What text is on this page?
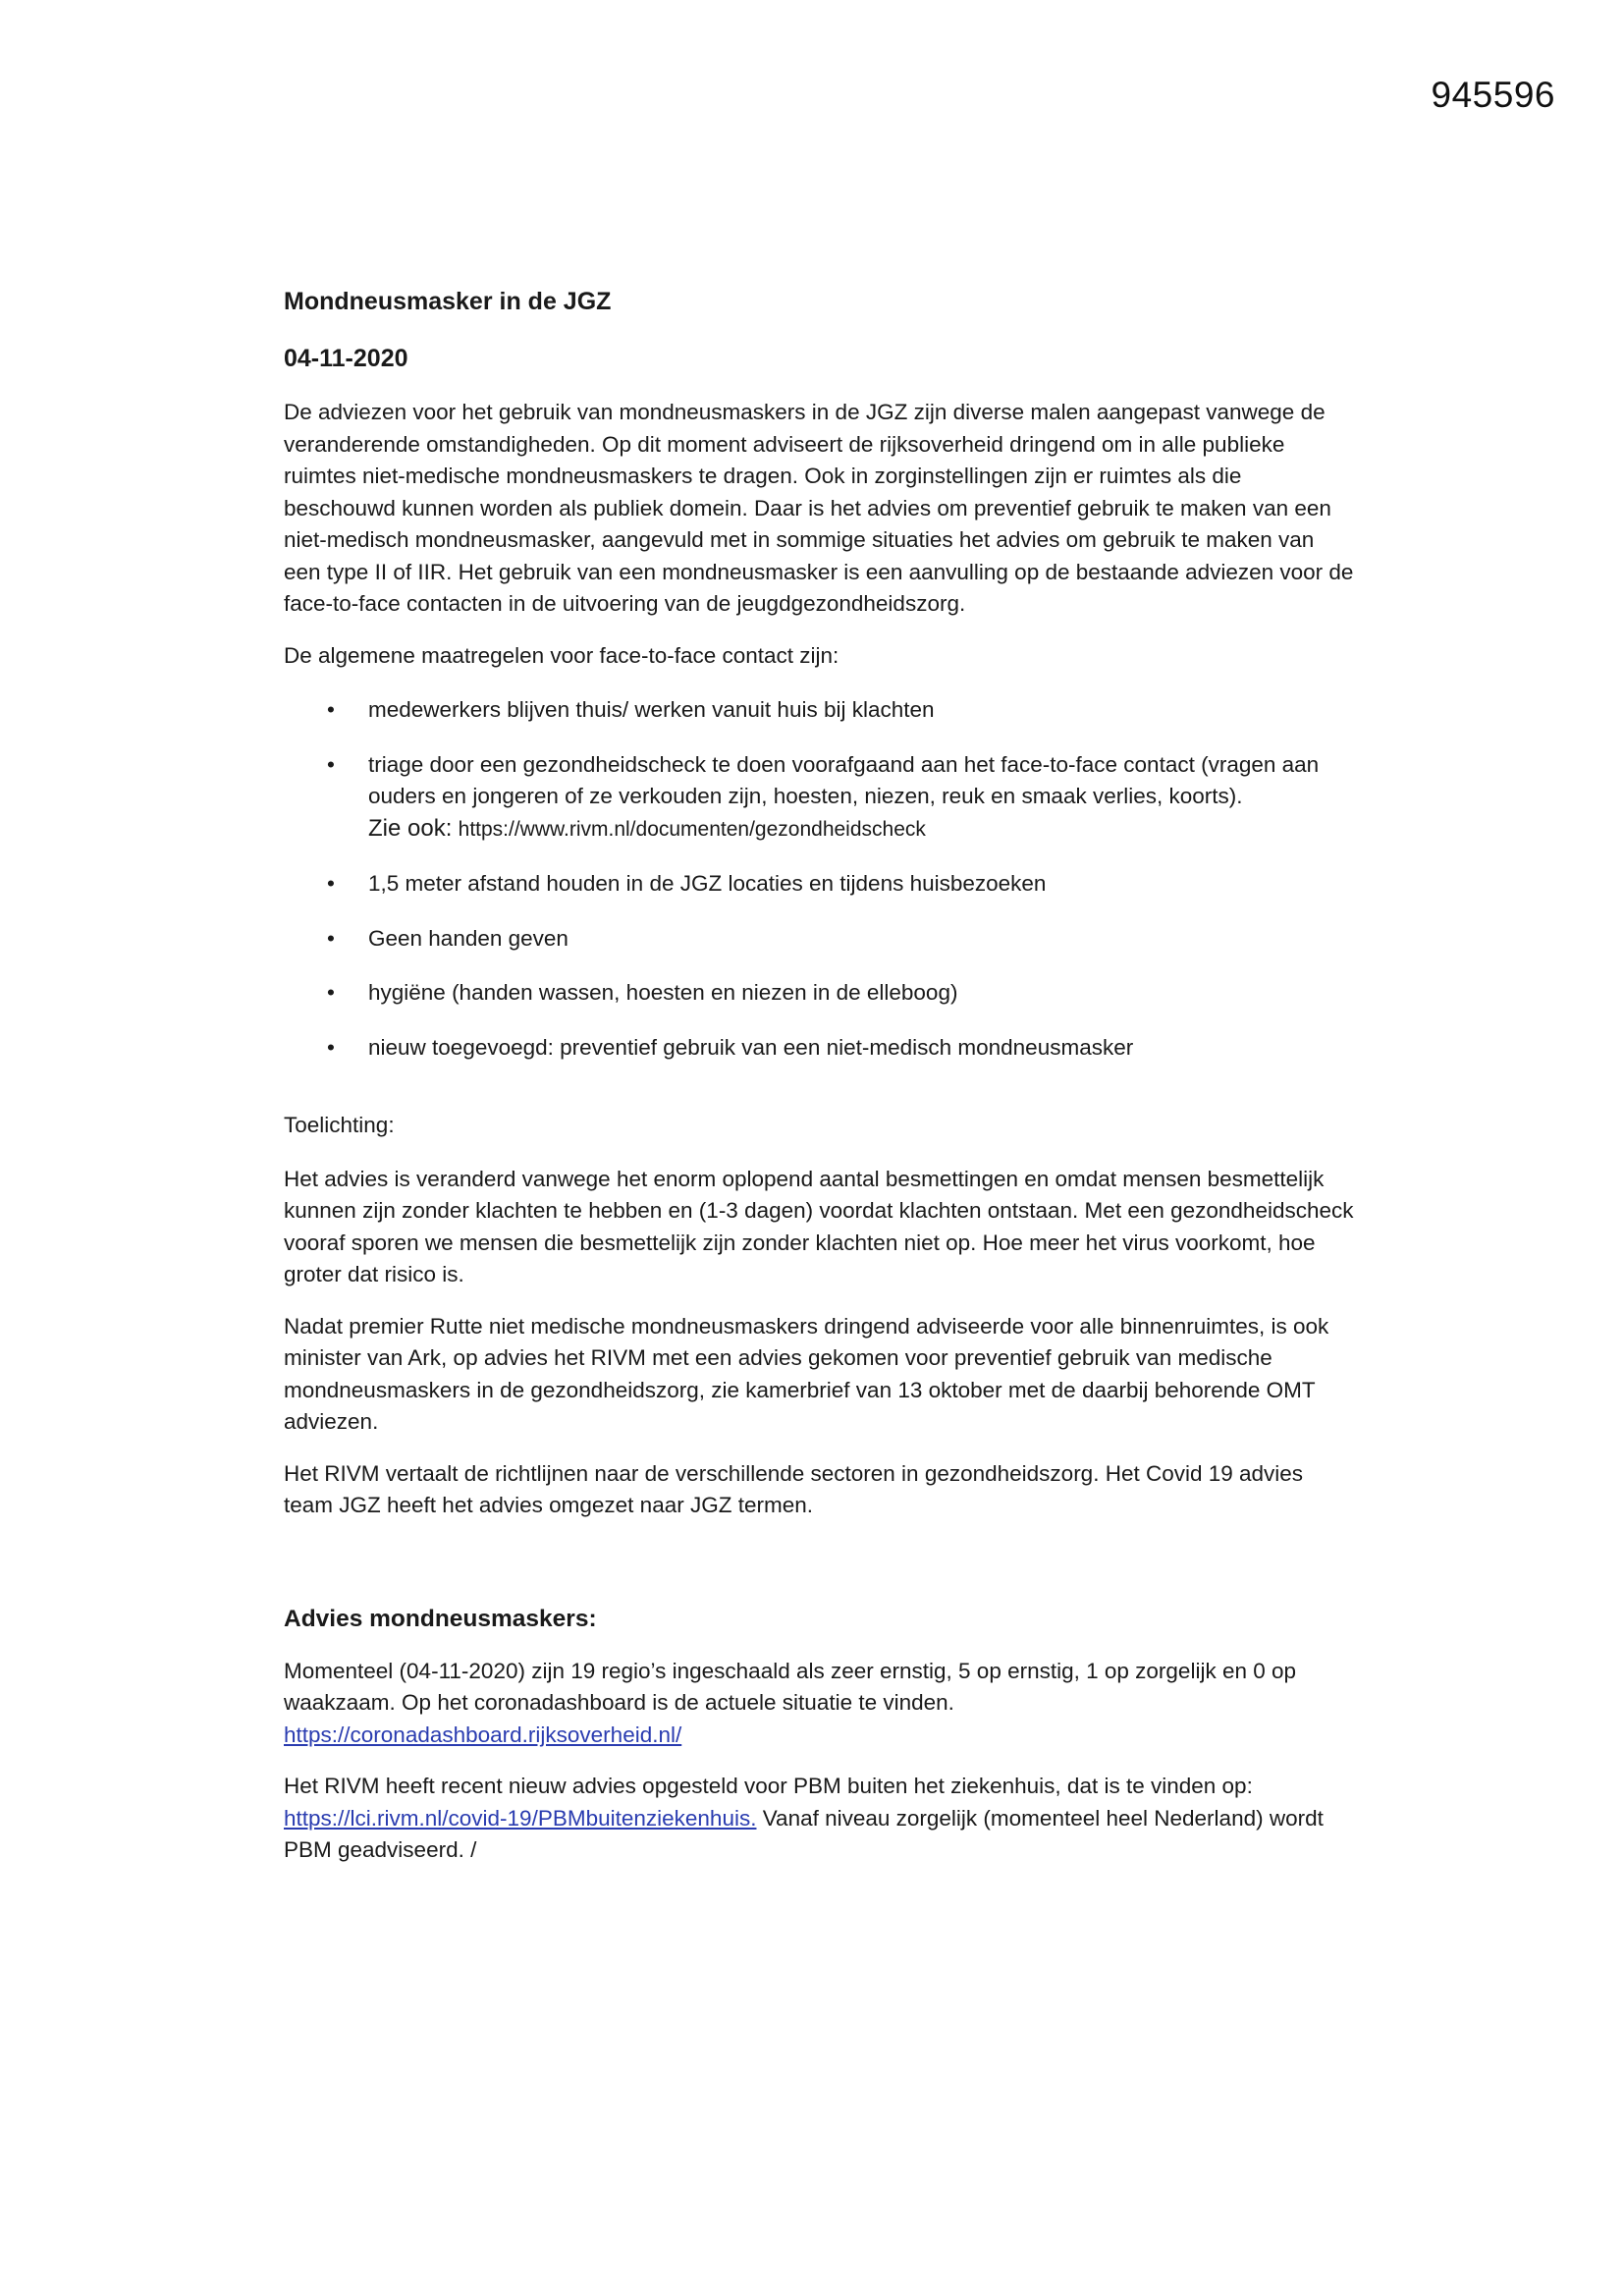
945596
Mondneusmasker in de JGZ
04-11-2020

De adviezen voor het gebruik van mondneusmaskers in de JGZ zijn diverse malen aangepast vanwege de veranderende omstandigheden. Op dit moment adviseert de rijksoverheid dringend om in alle publieke ruimtes niet-medische mondneusmaskers te dragen. Ook in zorginstellingen zijn er ruimtes als die beschouwd kunnen worden als publiek domein. Daar is het advies om preventief gebruik te maken van een niet-medisch mondneusmasker, aangevuld met in sommige situaties het advies om gebruik te maken van een type II of IIR. Het gebruik van een mondneusmasker is een aanvulling op de bestaande adviezen voor de face-to-face contacten in de uitvoering van de jeugdgezondheidszorg.

De algemene maatregelen voor face-to-face contact zijn:

• medewerkers blijven thuis/ werken vanuit huis bij klachten
• triage door een gezondheidscheck te doen voorafgaand aan het face-to-face contact (vragen aan ouders en jongeren of ze verkouden zijn, hoesten, niezen, reuk en smaak verlies, koorts).
Zie ook: https://www.rivm.nl/documenten/gezondheidscheck
• 1,5 meter afstand houden in de JGZ locaties en tijdens huisbezoeken
• Geen handen geven
• hygiëne (handen wassen, hoesten en niezen in de elleboog)
• nieuw toegevoegd: preventief gebruik van een niet-medisch mondneusmasker

Toelichting:

Het advies is veranderd vanwege het enorm oplopend aantal besmettingen en omdat mensen besmettelijk kunnen zijn zonder klachten te hebben en (1-3 dagen) voordat klachten ontstaan. Met een gezondheidscheck vooraf sporen we mensen die besmettelijk zijn zonder klachten niet op. Hoe meer het virus voorkomt, hoe groter dat risico is.

Nadat premier Rutte niet medische mondneusmaskers dringend adviseerde voor alle binnenruimtes, is ook minister van Ark, op advies het RIVM met een advies gekomen voor preventief gebruik van medische mondneusmaskers in de gezondheidszorg, zie kamerbrief van 13 oktober met de daarbij behorende OMT adviezen.

Het RIVM vertaalt de richtlijnen naar de verschillende sectoren in gezondheidszorg. Het Covid 19 advies team JGZ heeft het advies omgezet naar JGZ termen.

Advies mondneusmaskers:

Momenteel (04-11-2020) zijn 19 regio’s ingeschaald als zeer ernstig, 5 op ernstig, 1 op zorgelijk en 0 op waakzaam. Op het coronadashboard is de actuele situatie te vinden.
https://coronadashboard.rijksoverheid.nl/

Het RIVM heeft recent nieuw advies opgesteld voor PBM buiten het ziekenhuis, dat is te vinden op:
https://lci.rivm.nl/covid-19/PBMbuitenziekenhuis. Vanaf niveau zorgelijk (momenteel heel Nederland) wordt PBM geadviseerd. /
